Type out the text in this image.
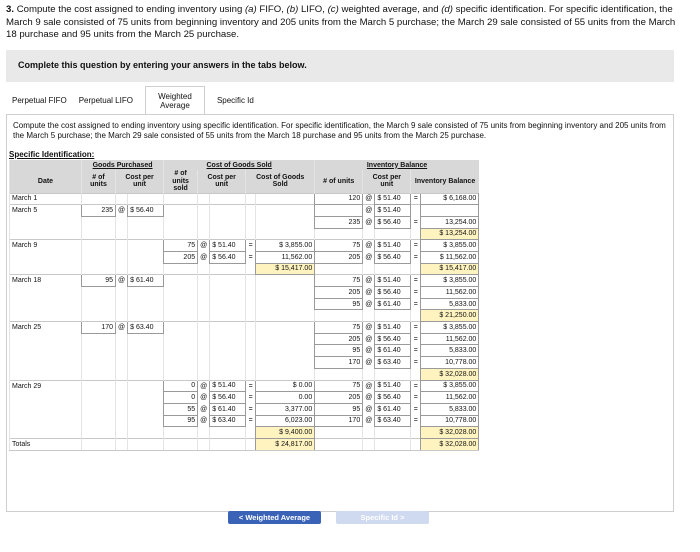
3. Compute the cost assigned to ending inventory using (a) FIFO, (b) LIFO, (c) weighted average, and (d) specific identification. For specific identification, the March 9 sale consisted of 75 units from beginning inventory and 205 units from the March 5 purchase; the March 29 sale consisted of 55 units from the March 18 purchase and 95 units from the March 25 purchase.
Complete this question by entering your answers in the tabs below.
Perpetual FIFO	Perpetual LIFO	Weighted Average
Specific Id
Compute the cost assigned to ending inventory using specific identification. For specific identification, the March 9 sale consisted of 75 units from beginning inventory and 205 units from the March 5 purchase; the March 29 sale consisted of 55 units from the March 18 purchase and 95 units from the March 25 purchase.
Specific Identification:
	Goods Purchased			Cost of Goods Sold					Inventory Balance				
Date	# of units	Cost per unit		# of units sold	Cost per unit		Cost of Goods Sold		# of units	Cost per unit		Inventory Balance	
March 1									120	@	$ 51.40	=	$ 6,168.00
March 5	235	@	$ 56.40							@	$ 51.40		
									235	@	$ 56.40	=	13,254.00
													$ 13,254.00
March 9				75	@	$ 51.40	=	$ 3,855.00	75	@	$ 51.40	=	$ 3,855.00
				205	@	$ 56.40	=	11,562.00	205	@	$ 56.40	=	$ 11,562.00
								$ 15,417.00					$ 15,417.00
March 18	95	@	$ 61.40						75	@	$ 51.40	=	$ 3,855.00
									205	@	$ 56.40	=	11,562.00
									95	@	$ 61.40	=	5,833.00
													$ 21,250.00
March 25	170	@	$ 63.40						75	@	$ 51.40	=	$ 3,855.00
									205	@	$ 56.40	=	11,562.00
									95	@	$ 61.40	=	5,833.00
									170	@	$ 63.40	=	10,778.00
													$ 32,028.00
March 29				0	@	$ 51.40	=	$ 0.00	75	@	$ 51.40	=	$ 3,855.00
				0	@	$ 56.40	=	0.00	205	@	$ 56.40	=	11,562.00
				55	@	$ 61.40	=	3,377.00	95	@	$ 61.40	=	5,833.00
				95	@	$ 63.40	=	6,023.00	170	@	$ 63.40	=	10,778.00
								$ 9,400.00					$ 32,028.00
Totals								$ 24,817.00					$ 32,028.00
< Weighted Average	Specific Id >
